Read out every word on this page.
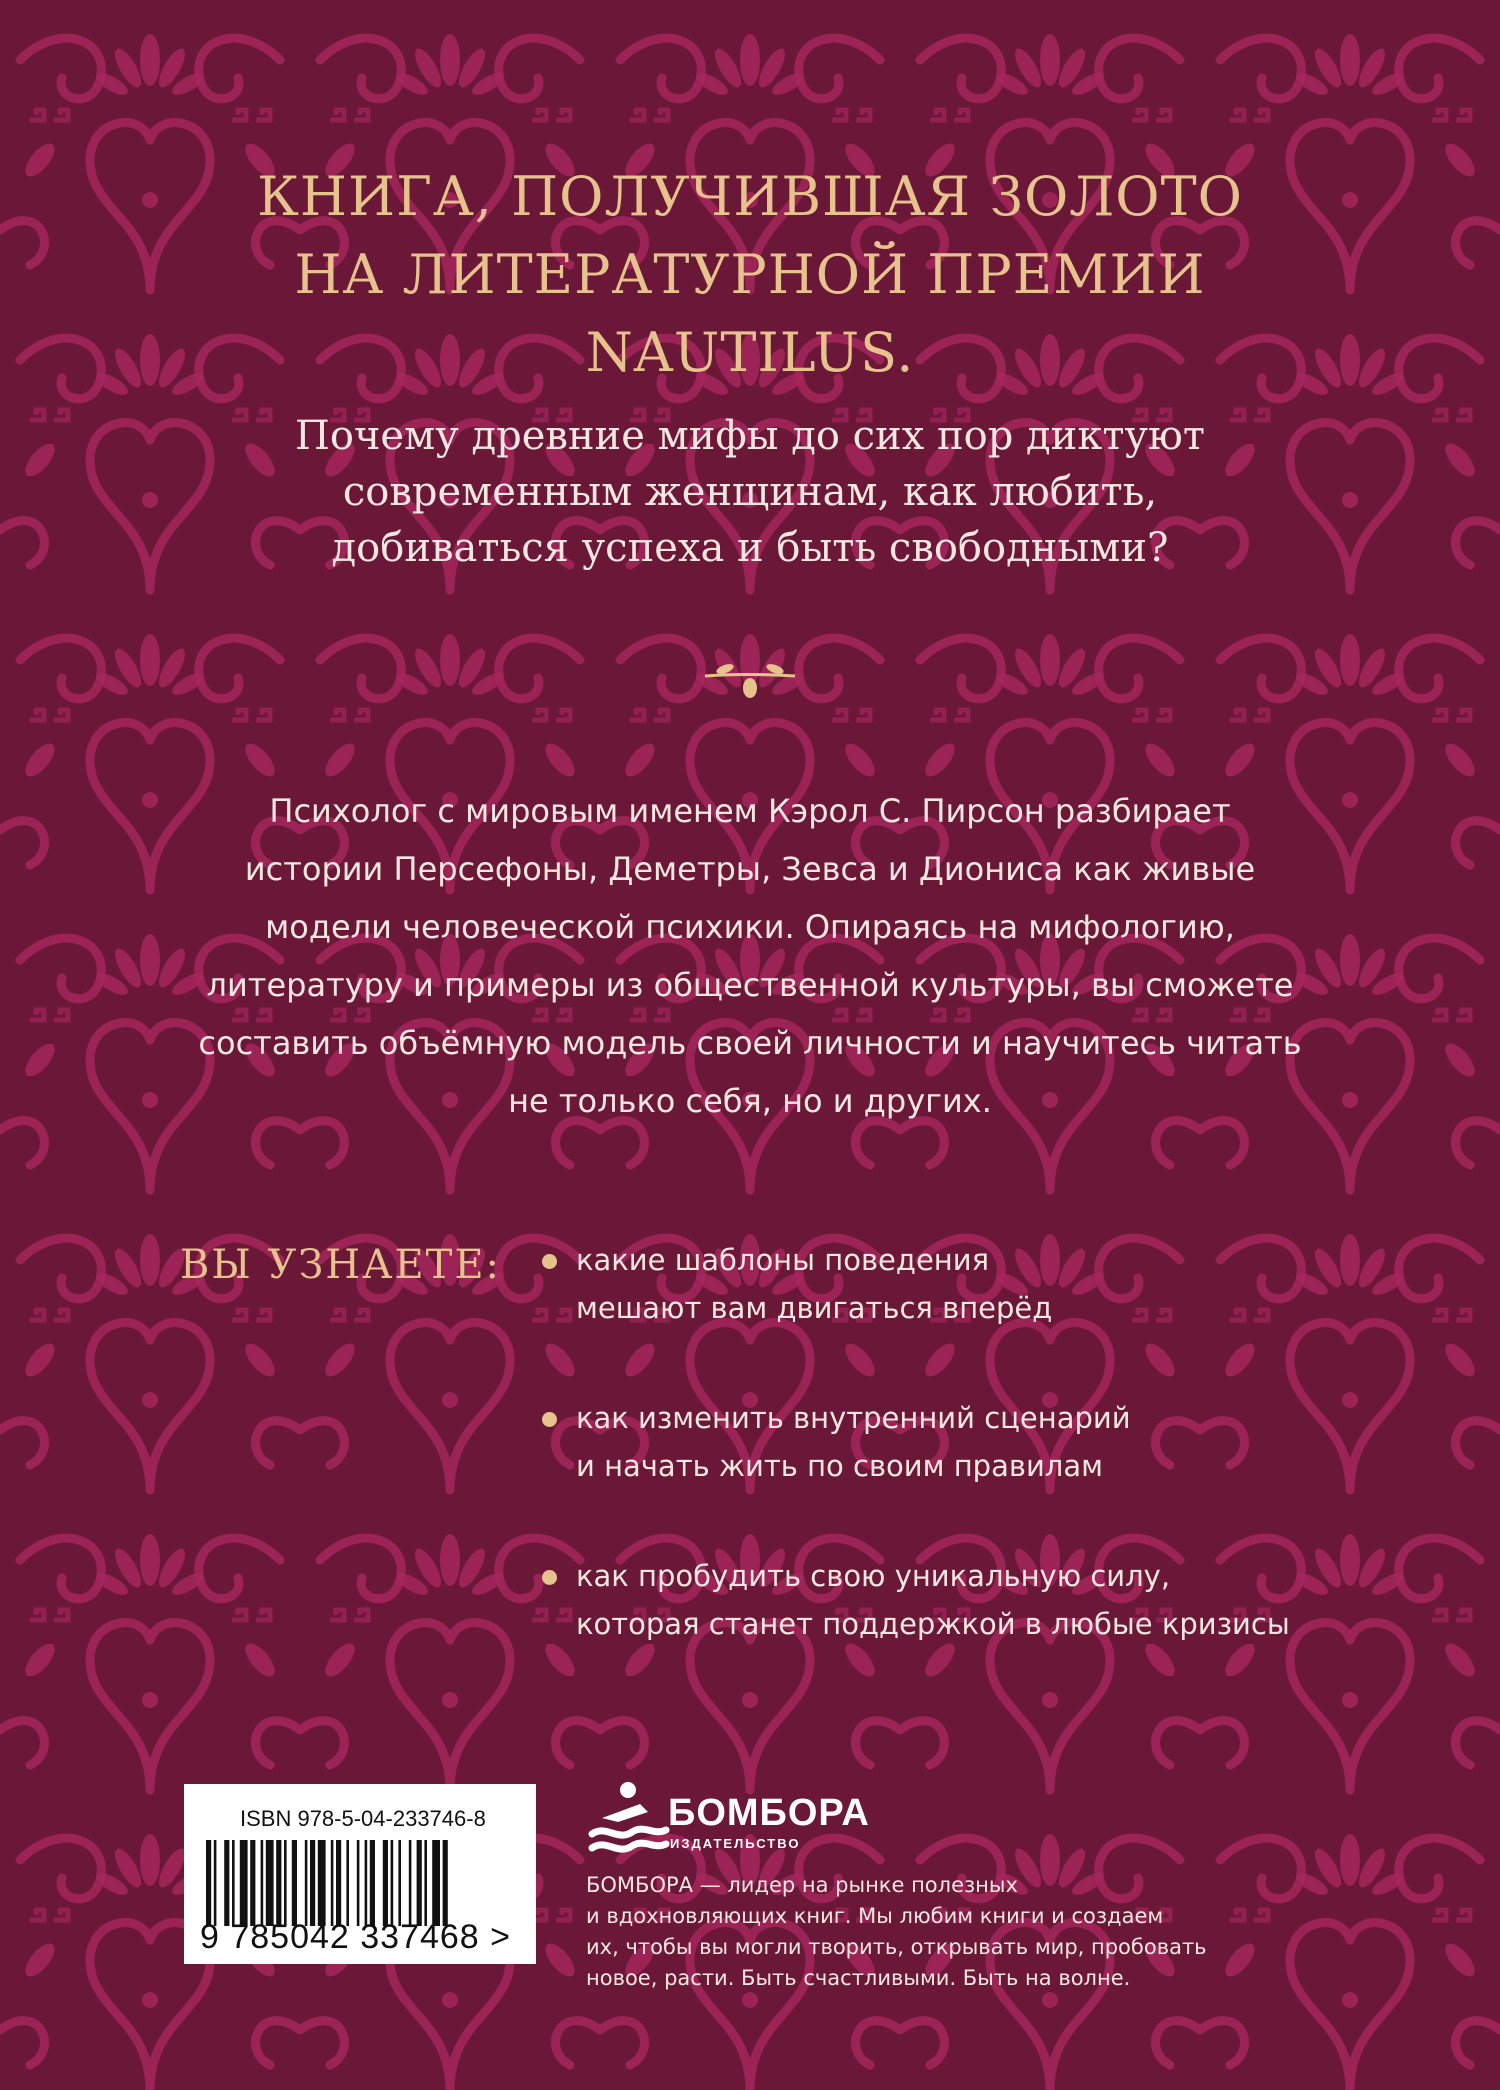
КНИГА, ПОЛУЧИВШАЯ ЗОЛОТО
НА ЛИТЕРАТУРНОЙ ПРЕМИИ
NAUTILUS.
Почему древние мифы до сих пор диктуют
современным женщинам, как любить,
добиваться успеха и быть свободными?
Психолог с мировым именем Кэрол С. Пирсон разбирает
истории Персефоны, Деметры, Зевса и Диониса как живые
модели человеческой психики. Опираясь на мифологию,
литературу и примеры из общественной культуры, вы сможете
составить объёмную модель своей личности и научитесь читать
не только себя, но и других.
ВЫ УЗНАЕТЕ:	какие шаблоны поведения
мешают вам двигаться вперёд
как изменить внутренний сценарий
и начать жить по своим правилам
как пробудить свою уникальную силу,
которая станет поддержкой в любые кризисы
ISBN 978-5-04-233746-8
9 785042 337468 >
БОМБОРА
ИЗДАТЕЛЬСТВО
БОМБОРА — лидер на рынке полезных
и вдохновляющих книг. Мы любим книги и создаем
их, чтобы вы могли творить, открывать мир, пробовать
новое, расти. Быть счастливыми. Быть на волне.
